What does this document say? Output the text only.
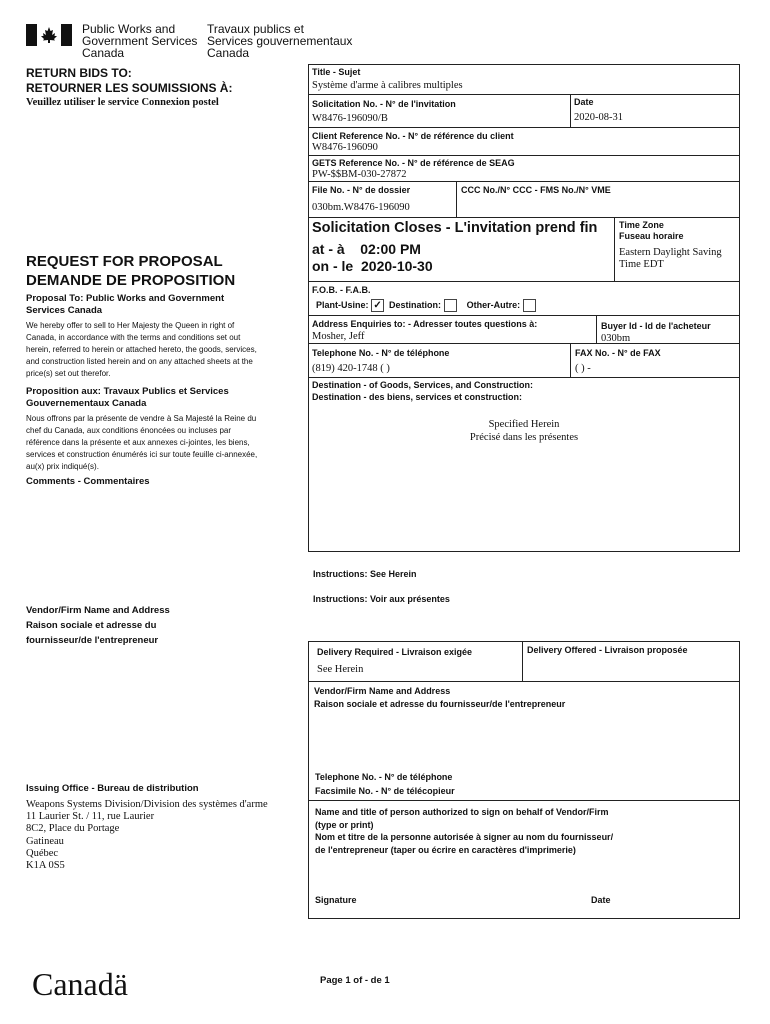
Public Works and
Government Services
Canada
Travaux publics et
Services gouvernementaux
Canada
RETURN BIDS TO:
RETOURNER LES SOUMISSIONS À:
Veuillez utiliser le service Connexion postel
REQUEST FOR PROPOSAL
DEMANDE DE PROPOSITION
Proposal To: Public Works and Government Services Canada
We hereby offer to sell to Her Majesty the Queen in right of Canada, in accordance with the terms and conditions set out herein, referred to herein or attached hereto, the goods, services, and construction listed herein and on any attached sheets at the price(s) set out therefor.
Proposition aux: Travaux Publics et Services Gouvernementaux Canada
Nous offrons par la présente de vendre à Sa Majesté la Reine du chef du Canada, aux conditions énoncées ou incluses par référence dans la présente et aux annexes ci-jointes, les biens, services et construction énumérés ici sur toute feuille ci-annexée, au(x) prix indiqué(s).
Comments - Commentaires
Vendor/Firm Name and Address
Raison sociale et adresse du
fournisseur/de l'entrepreneur
Issuing Office - Bureau de distribution
Weapons Systems Division/Division des systèmes d'arme
11 Laurier St. / 11, rue Laurier
8C2, Place du Portage
Gatineau
Québec
K1A 0S5
Title - Sujet
Système d'arme à calibres multiples
Solicitation No. - N° de l'invitation
W8476-196090/B
Date
2020-08-31
Client Reference No. - N° de référence du client
W8476-196090
GETS Reference No. - N° de référence de SEAG
PW-$$BM-030-27872
File No. - N° de dossier
030bm.W8476-196090
CCC No./N° CCC - FMS No./N° VME
Solicitation Closes - L'invitation prend fin
at - à 02:00 PM
on - le 2020-10-30
Time Zone
Fuseau horaire
Eastern Daylight Saving
Time EDT
F.O.B. - F.A.B.
Plant-Usine: ✓ Destination:	Other-Autre:
Address Enquiries to: - Adresser toutes questions à:
Mosher, Jeff
Buyer Id - Id de l'acheteur
030bm
Telephone No. - N° de téléphone
(819) 420-1748 ( )
FAX No. - N° de FAX
( ) -
Destination - of Goods, Services, and Construction:
Destination - des biens, services et construction:
Specified Herein
Précisé dans les présentes
Instructions: See Herein
Instructions: Voir aux présentes
Delivery Required - Livraison exigée
See Herein
Delivery Offered - Livraison proposée
Vendor/Firm Name and Address
Raison sociale et adresse du fournisseur/de l'entrepreneur
Telephone No. - N° de téléphone
Facsimile No. - N° de télécopieur
Name and title of person authorized to sign on behalf of Vendor/Firm
(type or print)
Nom et titre de la personne autorisée à signer au nom du fournisseur/
de l'entrepreneur (taper ou écrire en caractères d'imprimerie)
Signature	Date
Canadä	Page 1 of - de 1
